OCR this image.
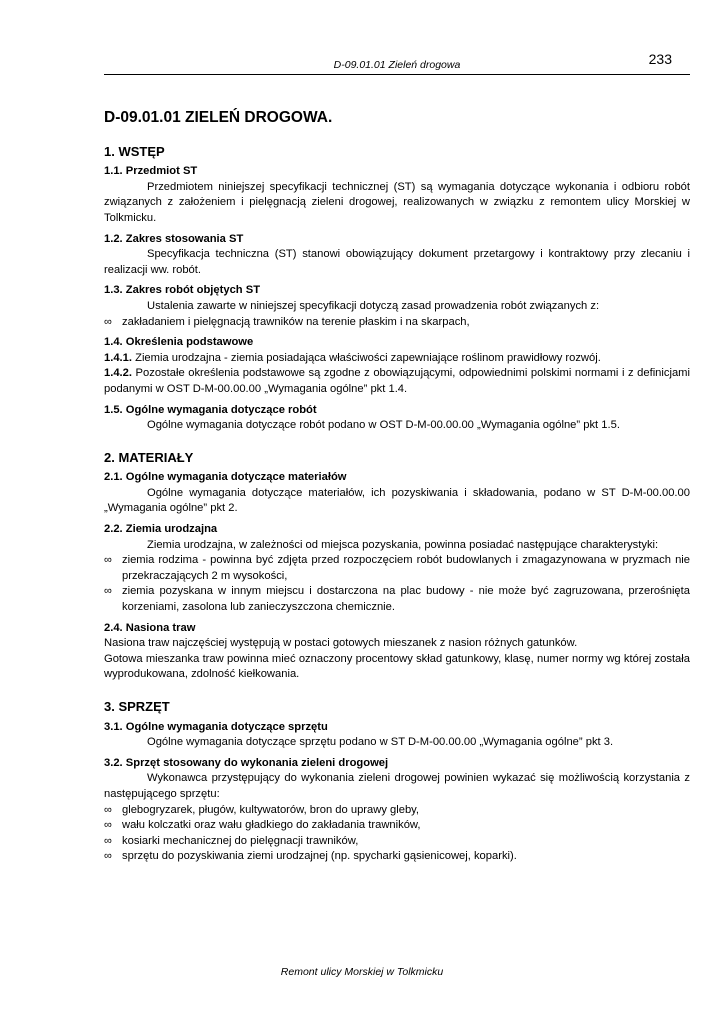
D-09.01.01 Zieleń drogowa	233
D-09.01.01 ZIELEŃ DROGOWA.
1. WSTĘP
1.1. Przedmiot ST

Przedmiotem niniejszej specyfikacji technicznej (ST) są wymagania dotyczące wykonania i odbioru robót związanych z założeniem i pielęgnacją zieleni drogowej, realizowanych w związku z remontem ulicy Morskiej w Tolkmicku.

1.2. Zakres stosowania ST

Specyfikacja techniczna (ST) stanowi obowiązujący dokument przetargowy i kontraktowy przy zlecaniu i realizacji ww. robót.

1.3. Zakres robót objętych ST

Ustalenia zawarte w niniejszej specyfikacji dotyczą zasad prowadzenia robót związanych z:

∞ zakładaniem i pielęgnacją trawników na terenie płaskim i na skarpach,
1.4. Określenia podstawowe

1.4.1. Ziemia urodzajna - ziemia posiadająca właściwości zapewniające roślinom prawidłowy rozwój.

1.4.2. Pozostałe określenia podstawowe są zgodne z obowiązującymi, odpowiednimi polskimi normami i z definicjami podanymi w OST D-M-00.00.00 „Wymagania ogólne” pkt 1.4.

1.5. Ogólne wymagania dotyczące robót

Ogólne wymagania dotyczące robót podano w OST D-M-00.00.00 „Wymagania ogólne” pkt 1.5.

2. MATERIAŁY
2.1. Ogólne wymagania dotyczące materiałów

Ogólne wymagania dotyczące materiałów, ich pozyskiwania i składowania, podano w ST D-M-00.00.00 „Wymagania ogólne” pkt 2.

2.2. Ziemia urodzajna

Ziemia urodzajna, w zależności od miejsca pozyskania, powinna posiadać następujące charakterystyki:

∞ ziemia rodzima - powinna być zdjęta przed rozpoczęciem robót budowlanych i zmagazynowana w pryzmach nie przekraczających 2 m wysokości,
∞ ziemia pozyskana w innym miejscu i dostarczona na plac budowy - nie może być zagruzowana, przerośnięta korzeniami, zasolona lub zanieczyszczona chemicznie.
2.4. Nasiona traw

Nasiona traw najczęściej występują w postaci gotowych mieszanek z nasion różnych gatunków.

Gotowa mieszanka traw powinna mieć oznaczony procentowy skład gatunkowy, klasę, numer normy wg której została wyprodukowana, zdolność kiełkowania.

3. SPRZĘT
3.1. Ogólne wymagania dotyczące sprzętu

Ogólne wymagania dotyczące sprzętu podano w ST D-M-00.00.00 „Wymagania ogólne” pkt 3.

3.2. Sprzęt stosowany do wykonania zieleni drogowej

Wykonawca przystępujący do wykonania zieleni drogowej powinien wykazać się możliwością korzystania z następującego sprzętu:

∞ glebogryzarek, pługów, kultywatorów, bron do uprawy gleby,
∞ wału kolczatki oraz wału gładkiego do zakładania trawników,
∞ kosiarki mechanicznej do pielęgnacji trawników,
∞ sprzętu do pozyskiwania ziemi urodzajnej (np. spycharki gąsienicowej, koparki).
Remont ulicy Morskiej w Tolkmicku
